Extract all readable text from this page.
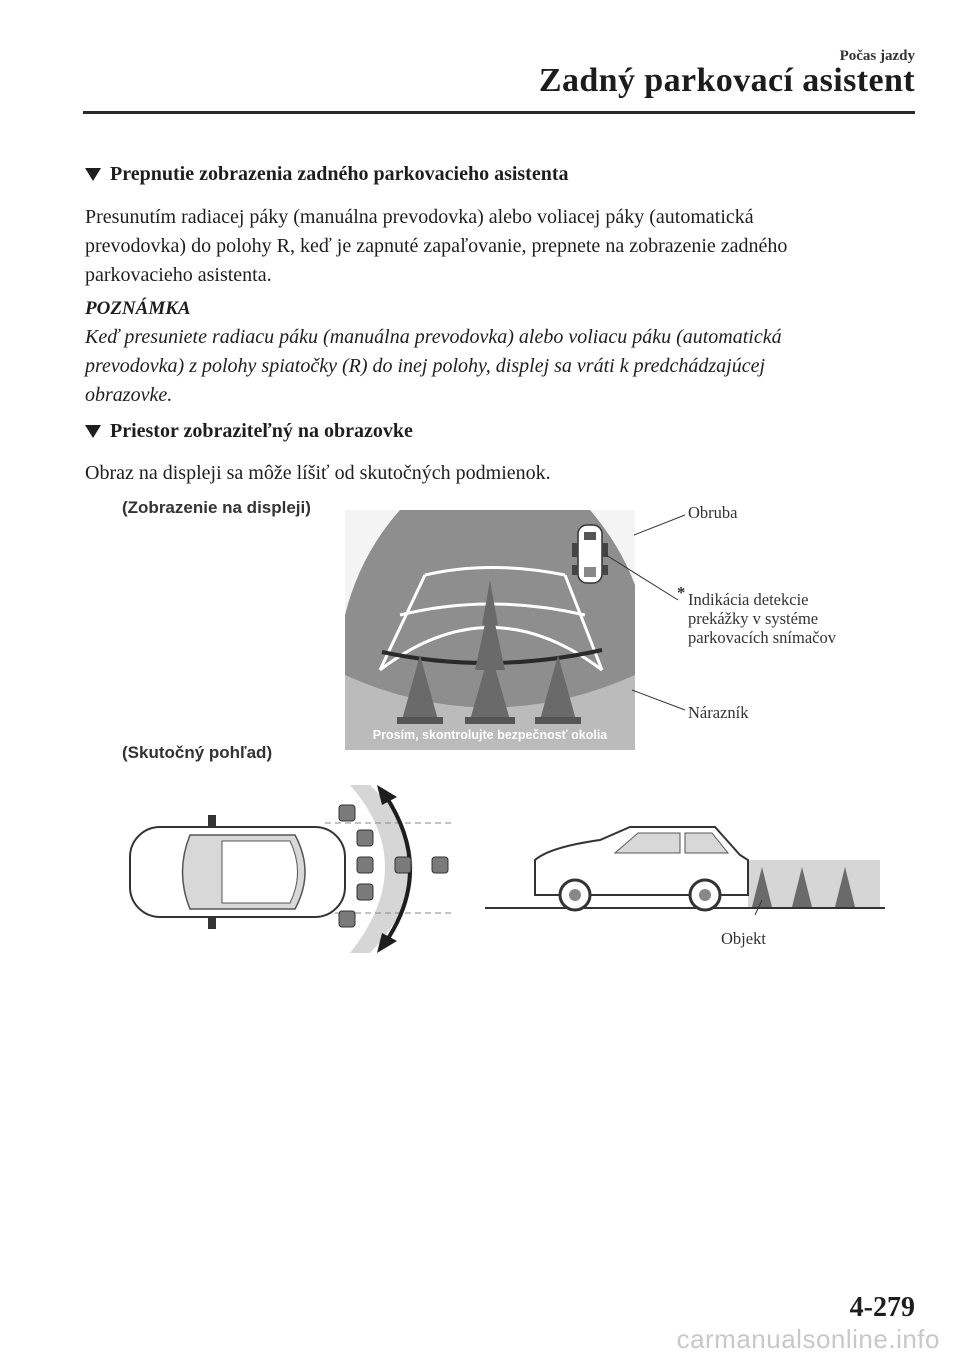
Počas jazdy
Zadný parkovací asistent
Prepnutie zobrazenia zadného parkovacieho asistenta
Presunutím radiacej páky (manuálna prevodovka) alebo voliacej páky (automatická
prevodovka) do polohy R, keď je zapnuté zapaľovanie, prepnete na zobrazenie zadného
parkovacieho asistenta.
POZNÁMKA
Keď presuniete radiacu páku (manuálna prevodovka) alebo voliacu páku (automatická
prevodovka) z polohy spiatočky (R) do inej polohy, displej sa vráti k predchádzajúcej
obrazovke.
Priestor zobraziteľný na obrazovke
Obraz na displeji sa môže líšiť od skutočných podmienok.
(Zobrazenie na displeji)
Prosím, skontrolujte bezpečnosť okolia
Obruba
* Indikácia detekcie
prekážky v systéme
parkovacích snímačov
Nárazník
(Skutočný pohľad)
Objekt
4-279
carmanualsonline.info
